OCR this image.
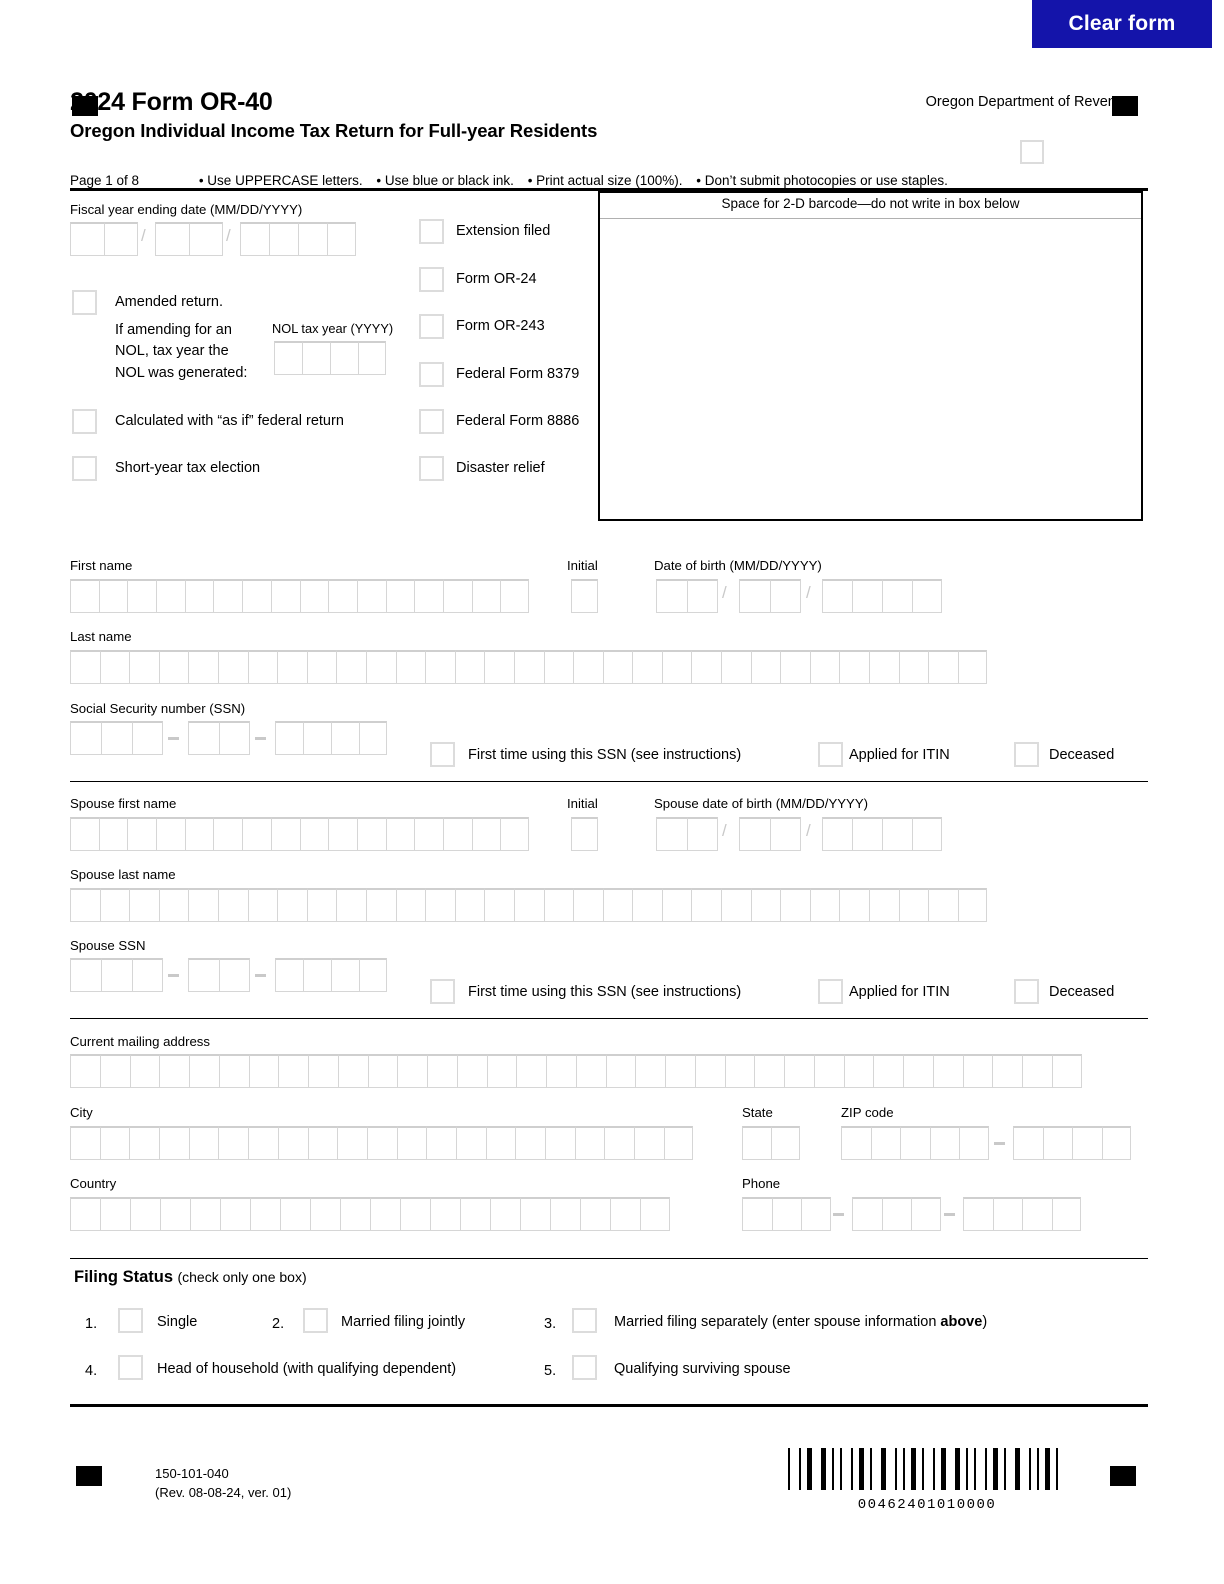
Clear form
2024 Form OR-40
Oregon Individual Income Tax Return for Full-year Residents
Oregon Department of Revenue
Page 1 of 8	• Use UPPERCASE letters. • Use blue or black ink. • Print actual size (100%). • Don’t submit photocopies or use staples.
Fiscal year ending date (MM/DD/YYYY)
/	/
Amended return.
If amending for an
NOL, tax year the
NOL was generated:
NOL tax year (YYYY)
Calculated with “as if” federal return
Short-year tax election
Extension filed
Form OR-24
Form OR-243
Federal Form 8379
Federal Form 8886
Disaster relief
Space for 2-D barcode—do not write in box below
First name	Initial	Date of birth (MM/DD/YYYY)
/	/
Last name
Social Security number (SSN)
First time using this SSN (see instructions)	Applied for ITIN	Deceased
Spouse first name	Initial	Spouse date of birth (MM/DD/YYYY)
/	/
Spouse last name
Spouse SSN
First time using this SSN (see instructions)	Applied for ITIN	Deceased
Current mailing address
City	State	ZIP code
Country	Phone
Filing Status (check only one box)
1.	Single	2.	Married filing jointly	3.	Married filing separately (enter spouse information above)
4.	Head of household (with qualifying dependent)	5.	Qualifying surviving spouse
150-101-040
(Rev. 08-08-24, ver. 01)
00462401010000
